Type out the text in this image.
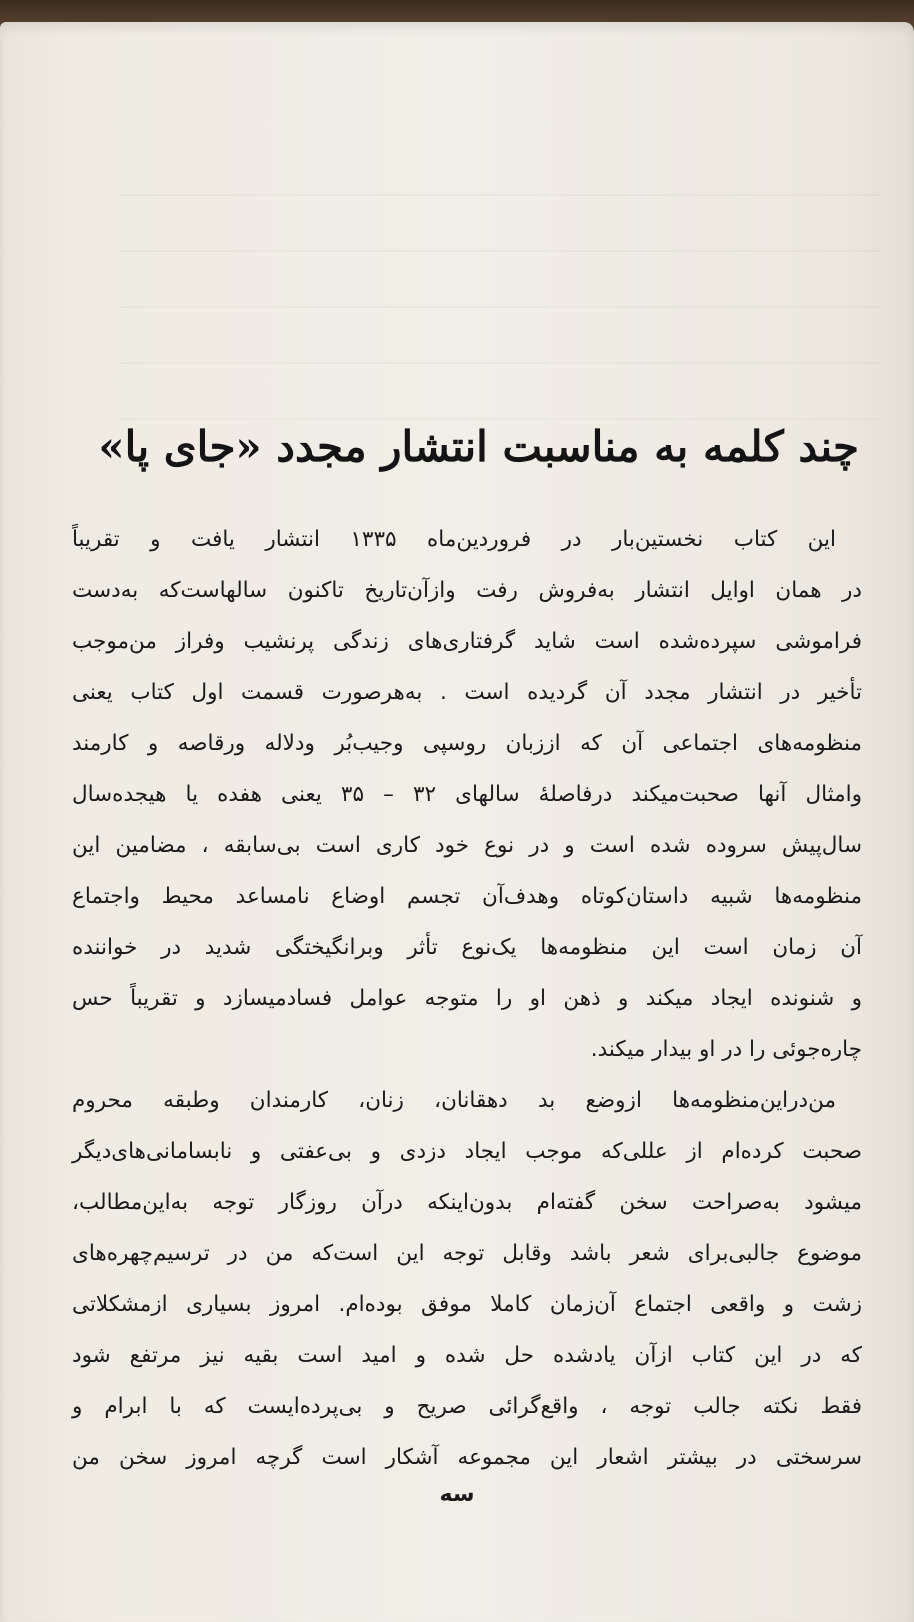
چند کلمه به مناسبت انتشار مجدد «جای پا»
این کتاب نخستین‌بار در فروردین‌ماه ۱۳۳۵ انتشار یافت و تقریباً
در همان اوایل انتشار به‌فروش رفت وازآن‌تاریخ تاکنون سالهاست‌که به‌دست
فراموشی سپرده‌شده است شاید گرفتاری‌های زندگی پرنشیب وفراز من‌موجب
تأخیر در انتشار مجدد آن گردیده است . به‌هرصورت قسمت اول کتاب یعنی
منظومه‌های اجتماعی آن که اززبان روسپی وجیب‌بُر ودلاله ورقاصه و کارمند
وامثال آنها صحبت‌میکند درفاصلهٔ سالهای ۳۲ – ۳۵ یعنی هفده یا هیجده‌سال
سال‌پیش سروده شده است و در نوع خود کاری است بی‌سابقه ، مضامین این
منظومه‌ها شبیه داستان‌کوتاه وهدف‌آن تجسم اوضاع نامساعد محیط واجتماع
آن زمان است این منظومه‌ها یک‌نوع تأثر وبرانگیختگی شدید در خواننده
و شنونده ایجاد میکند و ذهن او را متوجه عوامل فسادمیسازد و تقریباً حس
چاره‌جوئی را در او بیدار میکند.
من‌دراین‌منظومه‌ها ازوضع بد دهقانان، زنان، کارمندان وطبقه محروم
صحبت کرده‌ام از عللی‌که موجب ایجاد دزدی و بی‌عفتی و نابسامانی‌های‌دیگر
میشود به‌صراحت سخن گفته‌ام بدون‌اینکه درآن روزگار توجه به‌این‌مطالب،
موضوع جالبی‌برای شعر باشد وقابل توجه این است‌که من در ترسیم‌چهره‌های
زشت و واقعی اجتماع آن‌زمان کاملا موفق بوده‌ام. امروز بسیاری ازمشکلاتی
که در این کتاب ازآن یادشده حل شده و امید است بقیه نیز مرتفع شود
فقط نکته جالب توجه ، واقع‌گرائی صریح و بی‌پرده‌ایست که با ابرام و
سرسختی در بیشتر اشعار این مجموعه آشکار است گرچه امروز سخن من
سه
